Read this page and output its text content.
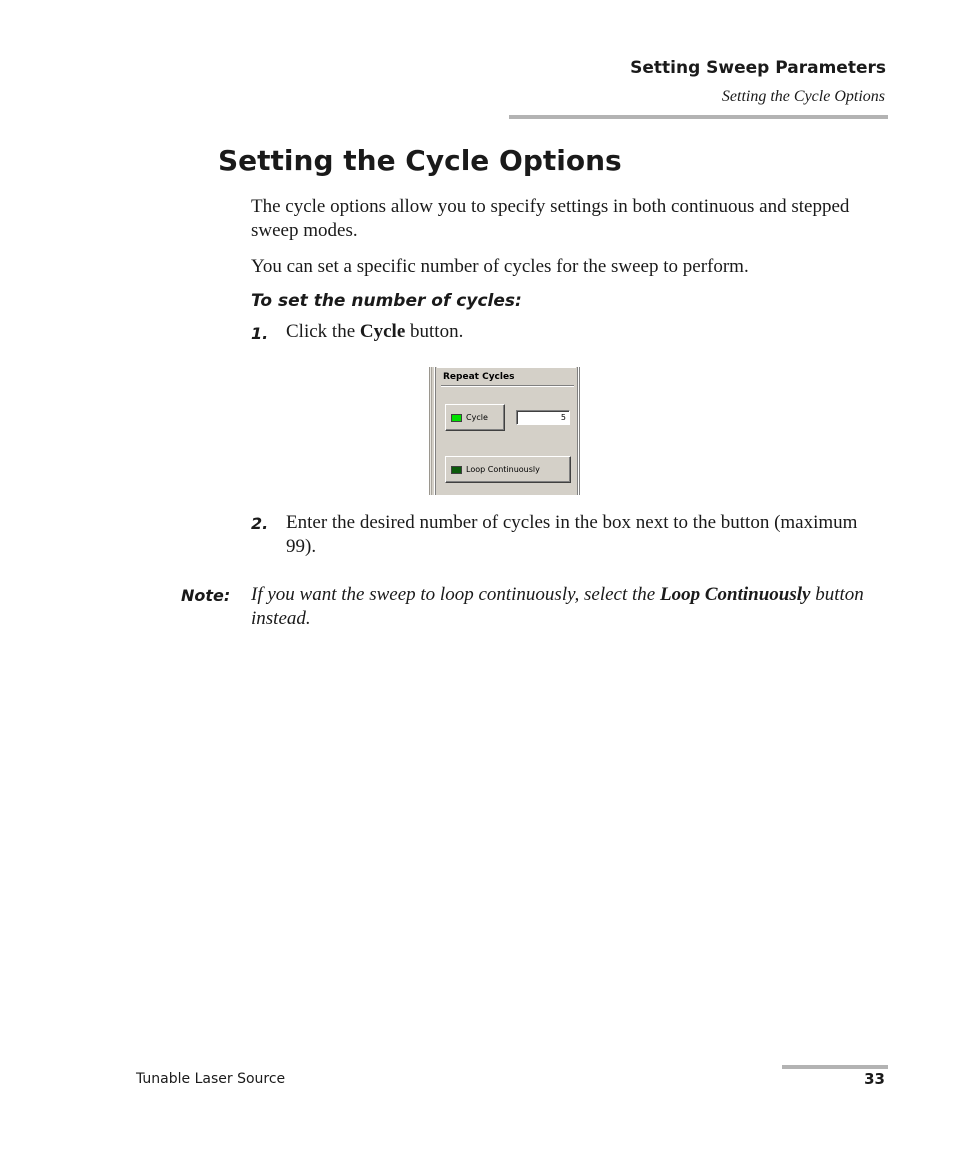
Setting Sweep Parameters
Setting the Cycle Options
Setting the Cycle Options

The cycle options allow you to specify settings in both continuous and stepped sweep modes.

You can set a specific number of cycles for the sweep to perform.

To set the number of cycles:
1. Click the Cycle button.
Repeat Cycles
Cycle	5
Loop Continuously
2. Enter the desired number of cycles in the box next to the button (maximum 99).
Note: If you want the sweep to loop continuously, select the Loop Continuously button instead.
Tunable Laser Source	33
